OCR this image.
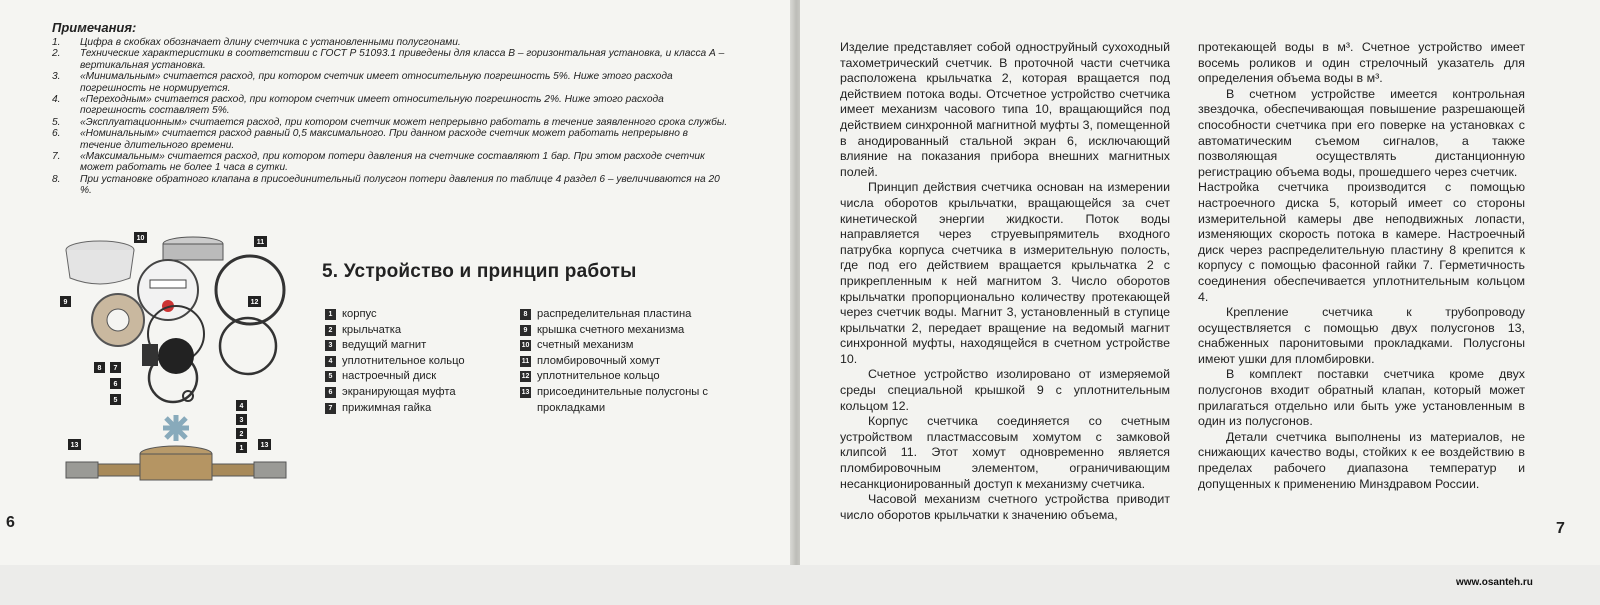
Примечания:
1.	Цифра в скобках обозначает длину счетчика с установленными полусгонами.
2.	Технические характеристики в соответствии с ГОСТ Р 51093.1 приведены для класса В – горизонтальная установка, и класса А – вертикальная установка.
3.	«Минимальным» считается расход, при котором счетчик имеет относительную погрешность 5%. Ниже этого расхода погрешность не нормируется.
4.	«Переходным» считается расход, при котором счетчик имеет относительную погрешность 2%. Ниже этого расхода погрешность составляет 5%.
5.	«Эксплуатационным» считается расход, при котором счетчик может непрерывно работать в течение заявленного срока службы.
6.	«Номинальным» считается расход равный 0,5 максимального. При данном расходе счетчик может работать непрерывно в течение длительного времени.
7.	«Максимальным» считается расход, при котором потери давления на счетчике составляют 1 бар. При этом расходе счетчик может работать не более 1 часа в сутки.
8.	При установке обратного клапана в присоединительный полусгон потери давления по таблице 4 раздел 6 – увеличиваются на 20 %.
9
10
11
12
8 7
6
5
4
3
2
1
13	13
5. Устройство и принцип работы
1 корпус
2 крыльчатка
3 ведущий магнит
4 уплотнительное кольцо
5 настроечный диск
6 экранирующая муфта
7 прижимная гайка
8 распределительная пластина
9 крышка счетного механизма
10 счетный механизм
11 пломбировочный хомут
12 уплотнительное кольцо
13 присоединительные полусгоны с прокладками
6

Изделие представляет собой одноструйный сухоходный тахометрический счетчик. В проточной части счетчика расположена крыльчатка 2, которая вращается под действием потока воды. Отсчетное устройство счетчика имеет механизм часового типа 10, вращающийся под действием синхронной магнитной муфты 3, помещенной в анодированный стальной экран 6, исключающий влияние на показания прибора внешних магнитных полей.

Принцип действия счетчика основан на измерении числа оборотов крыльчатки, вращающейся за счет кинетической энергии жидкости. Поток воды направляется через струевыпрямитель входного патрубка корпуса счетчика в измерительную полость, где под его действием вращается крыльчатка 2 с прикрепленным к ней магнитом 3. Число оборотов крыльчатки пропорционально количеству протекающей через счетчик воды. Магнит 3, установленный в ступице крыльчатки 2, передает вращение на ведомый магнит синхронной муфты, находящейся в счетном устройстве 10.

Счетное устройство изолировано от измеряемой среды специальной крышкой 9 с уплотнительным кольцом 12.

Корпус счетчика соединяется со счетным устройством пластмассовым хомутом с замковой клипсой 11. Этот хомут одновременно является пломбировочным элементом, ограничивающим несанкционированный доступ к механизму счетчика.

Часовой механизм счетного устройства приводит число оборотов крыльчатки к значению объема,

протекающей воды в м³. Счетное устройство имеет восемь роликов и один стрелочный указатель для определения объема воды в м³.

В счетном устройстве имеется контрольная звездочка, обеспечивающая повышение разрешающей способности счетчика при его поверке на установках с автоматическим съемом сигналов, а также позволяющая осуществлять дистанционную регистрацию объема воды, прошедшего через счетчик.

Настройка счетчика производится с помощью настроечного диска 5, который имеет со стороны измерительной камеры две неподвижных лопасти, изменяющих скорость потока в камере. Настроечный диск через распределительную пластину 8 крепится к корпусу с помощью фасонной гайки 7. Герметичность соединения обеспечивается уплотнительным кольцом 4.

Крепление счетчика к трубопроводу осуществляется с помощью двух полусгонов 13, снабженных паронитовыми прокладками. Полусгоны имеют ушки для пломбировки.

В комплект поставки счетчика кроме двух полусгонов входит обратный клапан, который может прилагаться отдельно или быть уже установленным в один из полусгонов.

Детали счетчика выполнены из материалов, не снижающих качество воды, стойких к ее воздействию в пределах рабочего диапазона температур и допущенных к применению Минздравом России.

7
www.osanteh.ru
